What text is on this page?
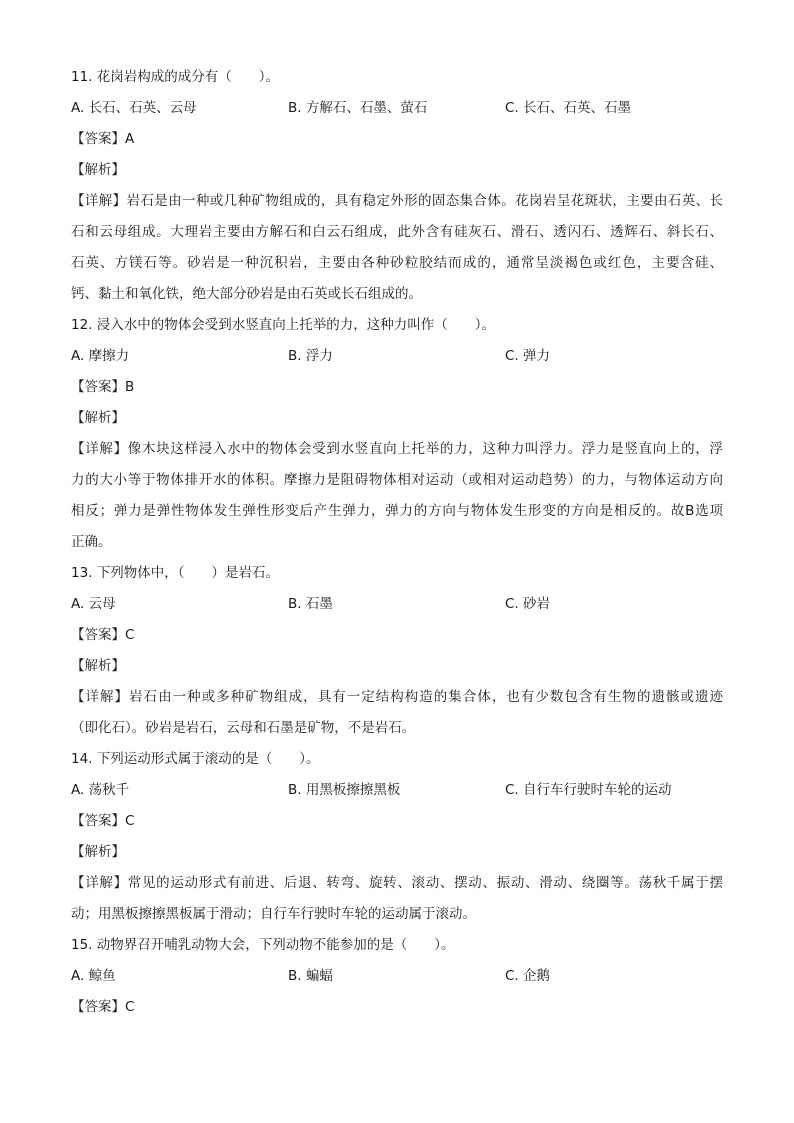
11. 花岗岩构成的成分有（　　）。
A. 长石、石英、云母	B. 方解石、石墨、萤石	C. 长石、石英、石墨
【答案】A
【解析】
【详解】岩石是由一种或几种矿物组成的，具有稳定外形的固态集合体。花岗岩呈花斑状，主要由石英、长
石和云母组成。大理岩主要由方解石和白云石组成，此外含有硅灰石、滑石、透闪石、透辉石、斜长石、
石英、方镁石等。砂岩是一种沉积岩，主要由各种砂粒胶结而成的，通常呈淡褐色或红色，主要含硅、
钙、黏土和氧化铁，绝大部分砂岩是由石英或长石组成的。
12. 浸入水中的物体会受到水竖直向上托举的力，这种力叫作（　　）。
A. 摩擦力	B. 浮力	C. 弹力
【答案】B
【解析】
【详解】像木块这样浸入水中的物体会受到水竖直向上托举的力，这种力叫浮力。浮力是竖直向上的，浮
力的大小等于物体排开水的体积。摩擦力是阻碍物体相对运动（或相对运动趋势）的力，与物体运动方向
相反；弹力是弹性物体发生弹性形变后产生弹力，弹力的方向与物体发生形变的方向是相反的。故B选项
正确。
13. 下列物体中，（　　）是岩石。
A. 云母	B. 石墨	C. 砂岩
【答案】C
【解析】
【详解】岩石由一种或多种矿物组成，具有一定结构构造的集合体，也有少数包含有生物的遗骸或遗迹
（即化石）。砂岩是岩石，云母和石墨是矿物，不是岩石。
14. 下列运动形式属于滚动的是（　　）。
A. 荡秋千	B. 用黑板擦擦黑板	C. 自行车行驶时车轮的运动
【答案】C
【解析】
【详解】常见的运动形式有前进、后退、转弯、旋转、滚动、摆动、振动、滑动、绕圈等。荡秋千属于摆
动；用黑板擦擦黑板属于滑动；自行车行驶时车轮的运动属于滚动。
15. 动物界召开哺乳动物大会，下列动物不能参加的是（　　）。
A. 鲸鱼	B. 蝙蝠	C. 企鹅
【答案】C
